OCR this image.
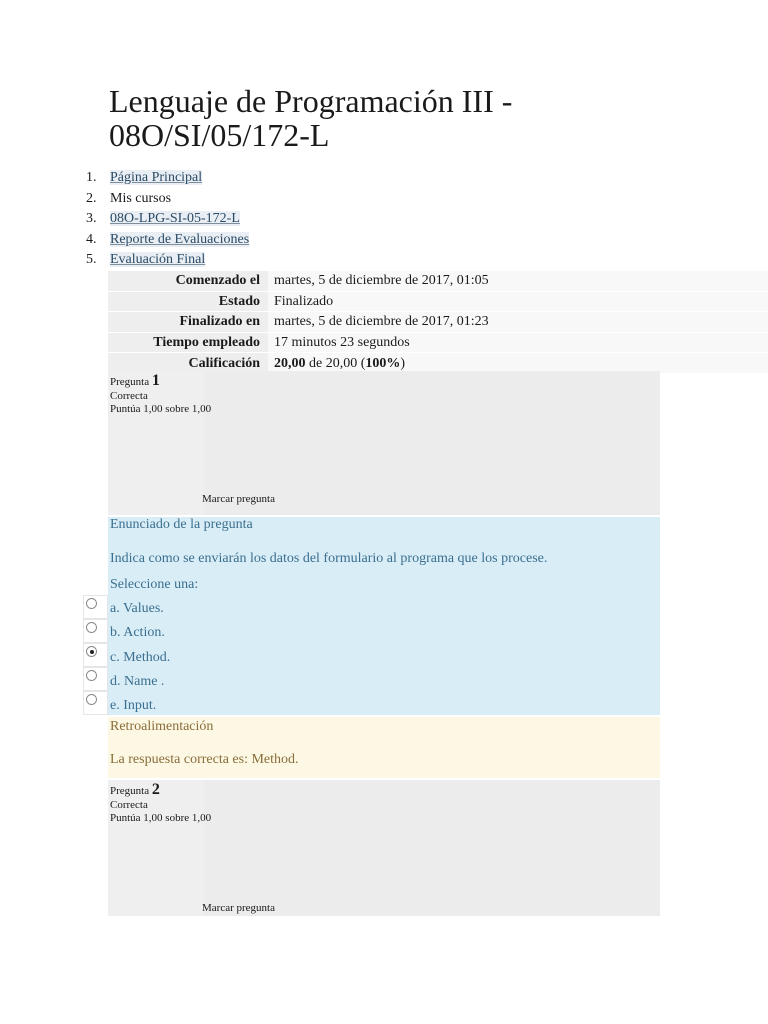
Lenguaje de Programación III -
08O/SI/05/172-L
1. Página Principal
2. Mis cursos
3. 08O-LPG-SI-05-172-L
4. Reporte de Evaluaciones
5. Evaluación Final
Comenzado el	martes, 5 de diciembre de 2017, 01:05
Estado	Finalizado
Finalizado en	martes, 5 de diciembre de 2017, 01:23
Tiempo empleado	17 minutos 23 segundos
Calificación	20,00 de 20,00 (100%)
Pregunta 1
Correcta
Puntúa 1,00 sobre 1,00
Marcar pregunta
Enunciado de la pregunta
Indica como se enviarán los datos del formulario al programa que los procese.
Seleccione una:
a. Values.
b. Action.
c. Method.
d. Name .
e. Input.
Retroalimentación
La respuesta correcta es: Method.
Pregunta 2
Correcta
Puntúa 1,00 sobre 1,00
Marcar pregunta
